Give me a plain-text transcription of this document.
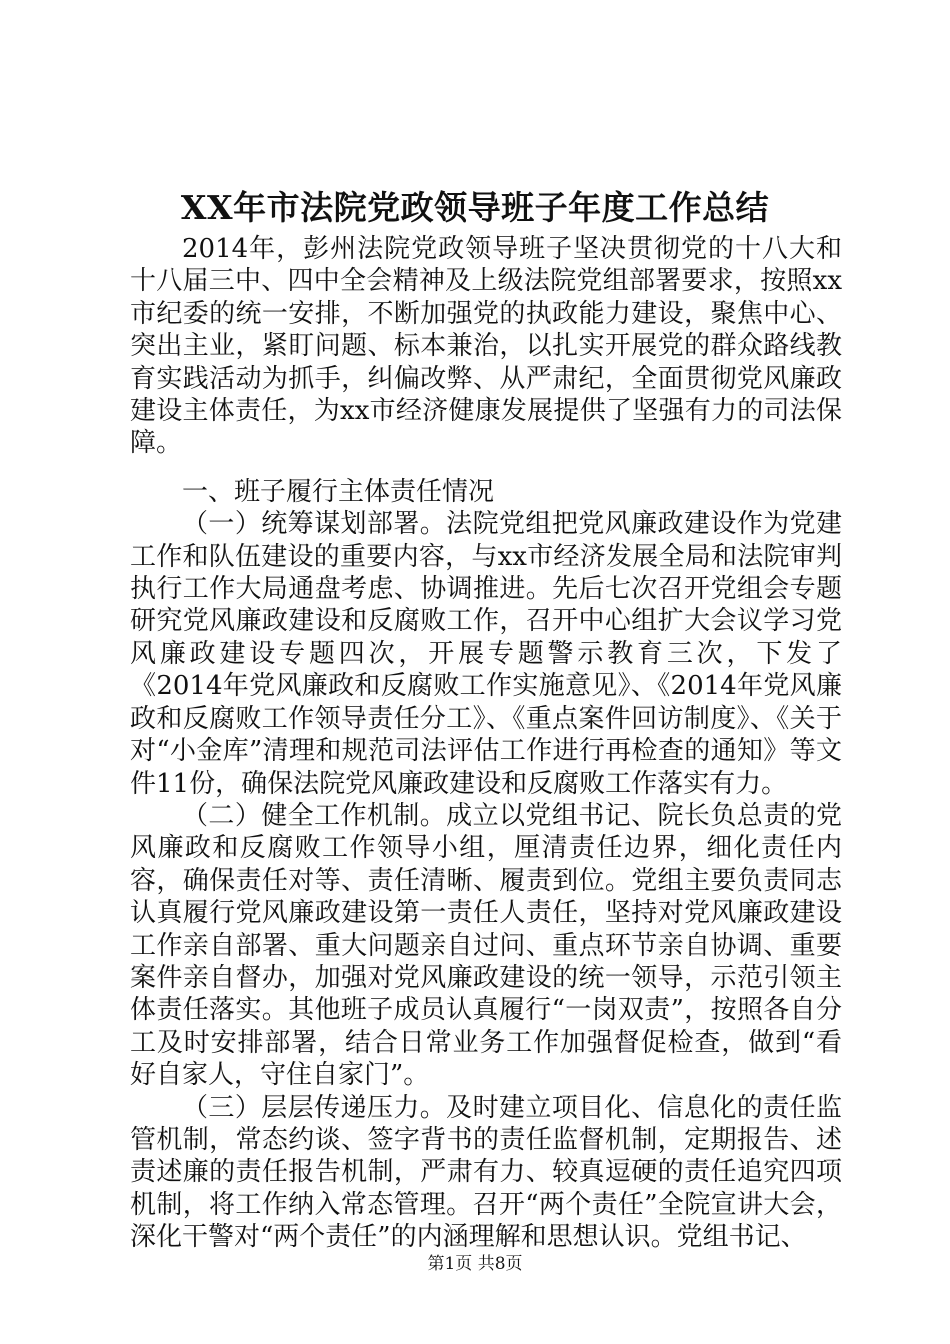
XX年市法院党政领导班子年度工作总结

2014年，彭州法院党政领导班子坚决贯彻党的十八大和十八届三中、四中全会精神及上级法院党组部署要求，按照xx市纪委的统一安排，不断加强党的执政能力建设，聚焦中心、突出主业，紧盯问题、标本兼治，以扎实开展党的群众路线教育实践活动为抓手，纠偏改弊、从严肃纪，全面贯彻党风廉政建设主体责任，为xx市经济健康发展提供了坚强有力的司法保障。

一、班子履行主体责任情况

（一）统筹谋划部署。法院党组把党风廉政建设作为党建工作和队伍建设的重要内容，与xx市经济发展全局和法院审判执行工作大局通盘考虑、协调推进。先后七次召开党组会专题研究党风廉政建设和反腐败工作，召开中心组扩大会议学习党风廉政建设专题四次，开展专题警示教育三次，下发了《2014年党风廉政和反腐败工作实施意见》、《2014年党风廉政和反腐败工作领导责任分工》、《重点案件回访制度》、《关于对“小金库”清理和规范司法评估工作进行再检查的通知》等文件11份，确保法院党风廉政建设和反腐败工作落实有力。

（二）健全工作机制。成立以党组书记、院长负总责的党风廉政和反腐败工作领导小组，厘清责任边界，细化责任内容，确保责任对等、责任清晰、履责到位。党组主要负责同志认真履行党风廉政建设第一责任人责任，坚持对党风廉政建设工作亲自部署、重大问题亲自过问、重点环节亲自协调、重要案件亲自督办，加强对党风廉政建设的统一领导，示范引领主体责任落实。其他班子成员认真履行“一岗双责”，按照各自分工及时安排部署，结合日常业务工作加强督促检查，做到“看好自家人，守住自家门”。

（三）层层传递压力。及时建立项目化、信息化的责任监管机制，常态约谈、签字背书的责任监督机制，定期报告、述责述廉的责任报告机制，严肃有力、较真逗硬的责任追究四项机制，将工作纳入常态管理。召开“两个责任”全院宣讲大会，深化干警对“两个责任”的内涵理解和思想认识。党组书记、

第1页 共8页
